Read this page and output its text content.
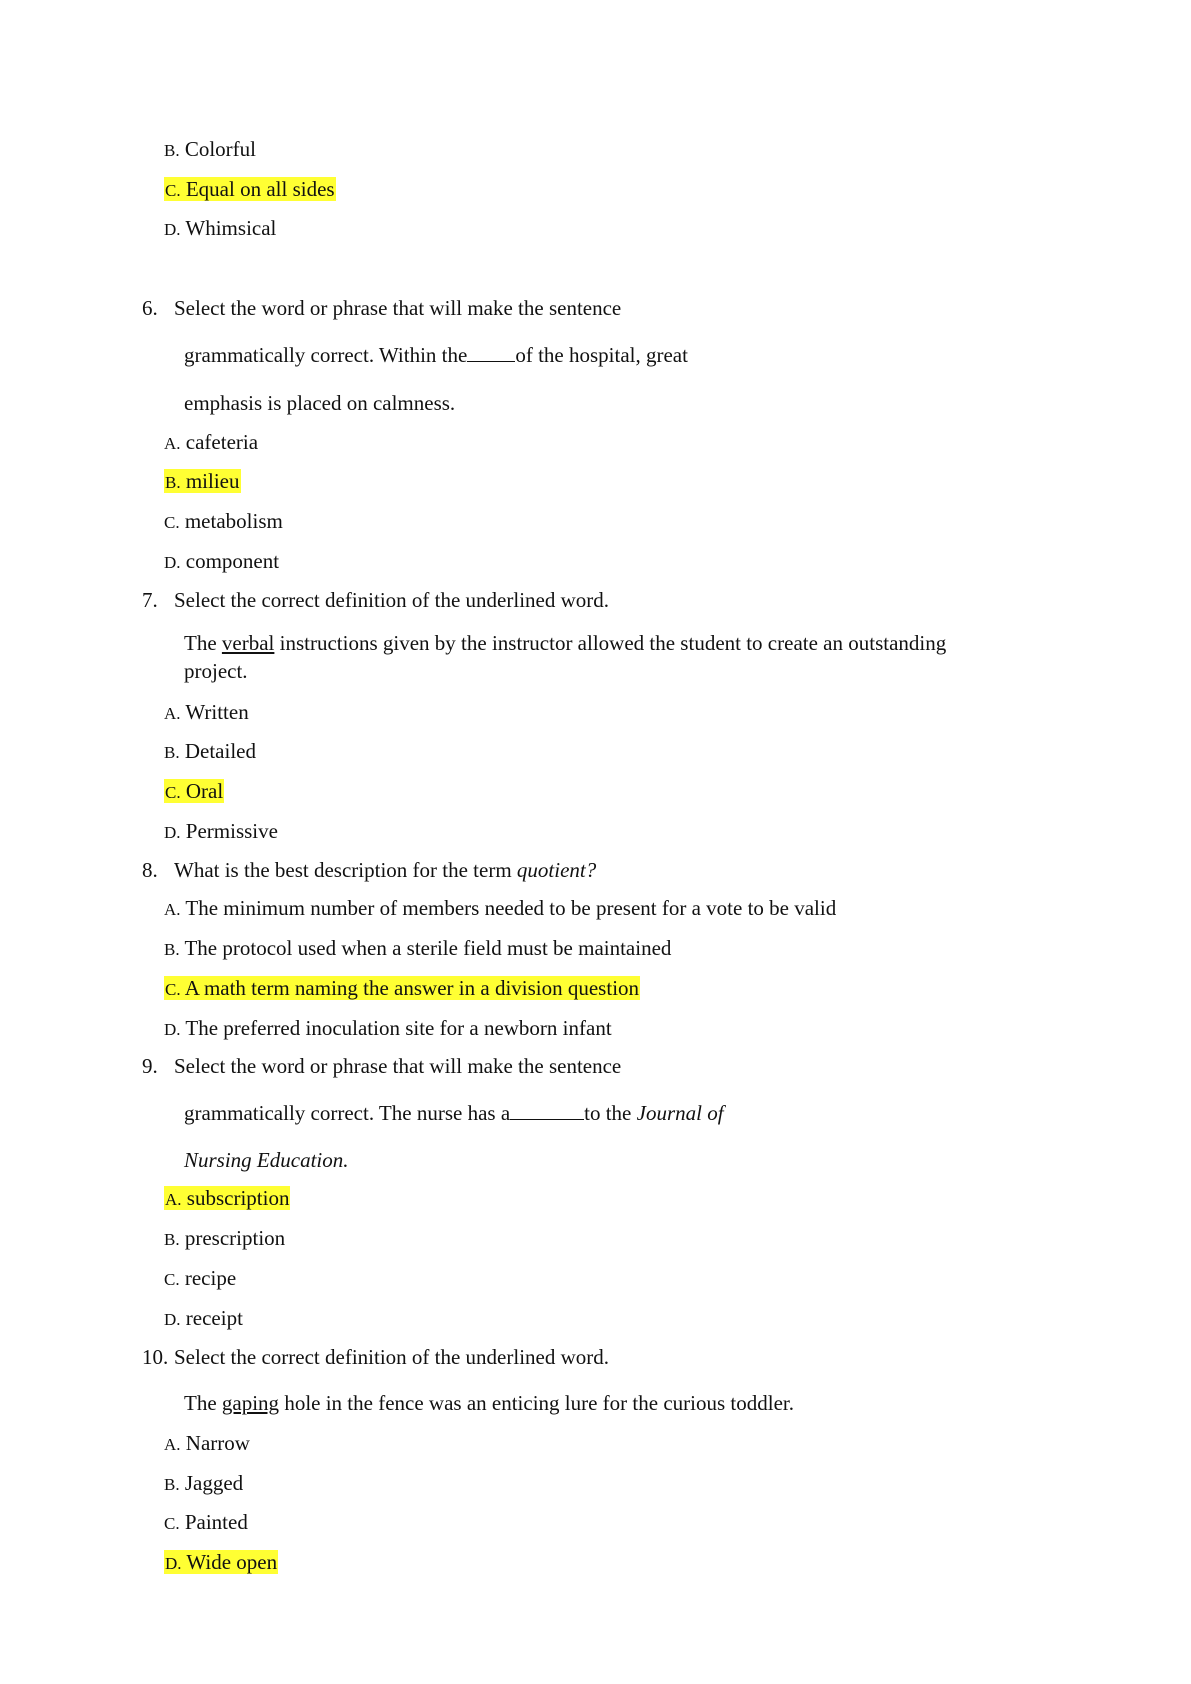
B. Colorful
C. Equal on all sides
D. Whimsical
6. Select the word or phrase that will make the sentence
grammatically correct. Within the of the hospital, great
emphasis is placed on calmness.
A. cafeteria
B. milieu
C. metabolism
D. component
7. Select the correct definition of the underlined word.
The verbal instructions given by the instructor allowed the student to create an outstanding project.
A. Written
B. Detailed
C. Oral
D. Permissive
8. What is the best description for the term quotient?
A. The minimum number of members needed to be present for a vote to be valid
B. The protocol used when a sterile field must be maintained
C. A math term naming the answer in a division question
D. The preferred inoculation site for a newborn infant
9. Select the word or phrase that will make the sentence
grammatically correct. The nurse has a	to the Journal of
Nursing Education.
A. subscription
B. prescription
C. recipe
D. receipt
10. Select the correct definition of the underlined word.
The gaping hole in the fence was an enticing lure for the curious toddler.
A. Narrow
B. Jagged
C. Painted
D. Wide open
